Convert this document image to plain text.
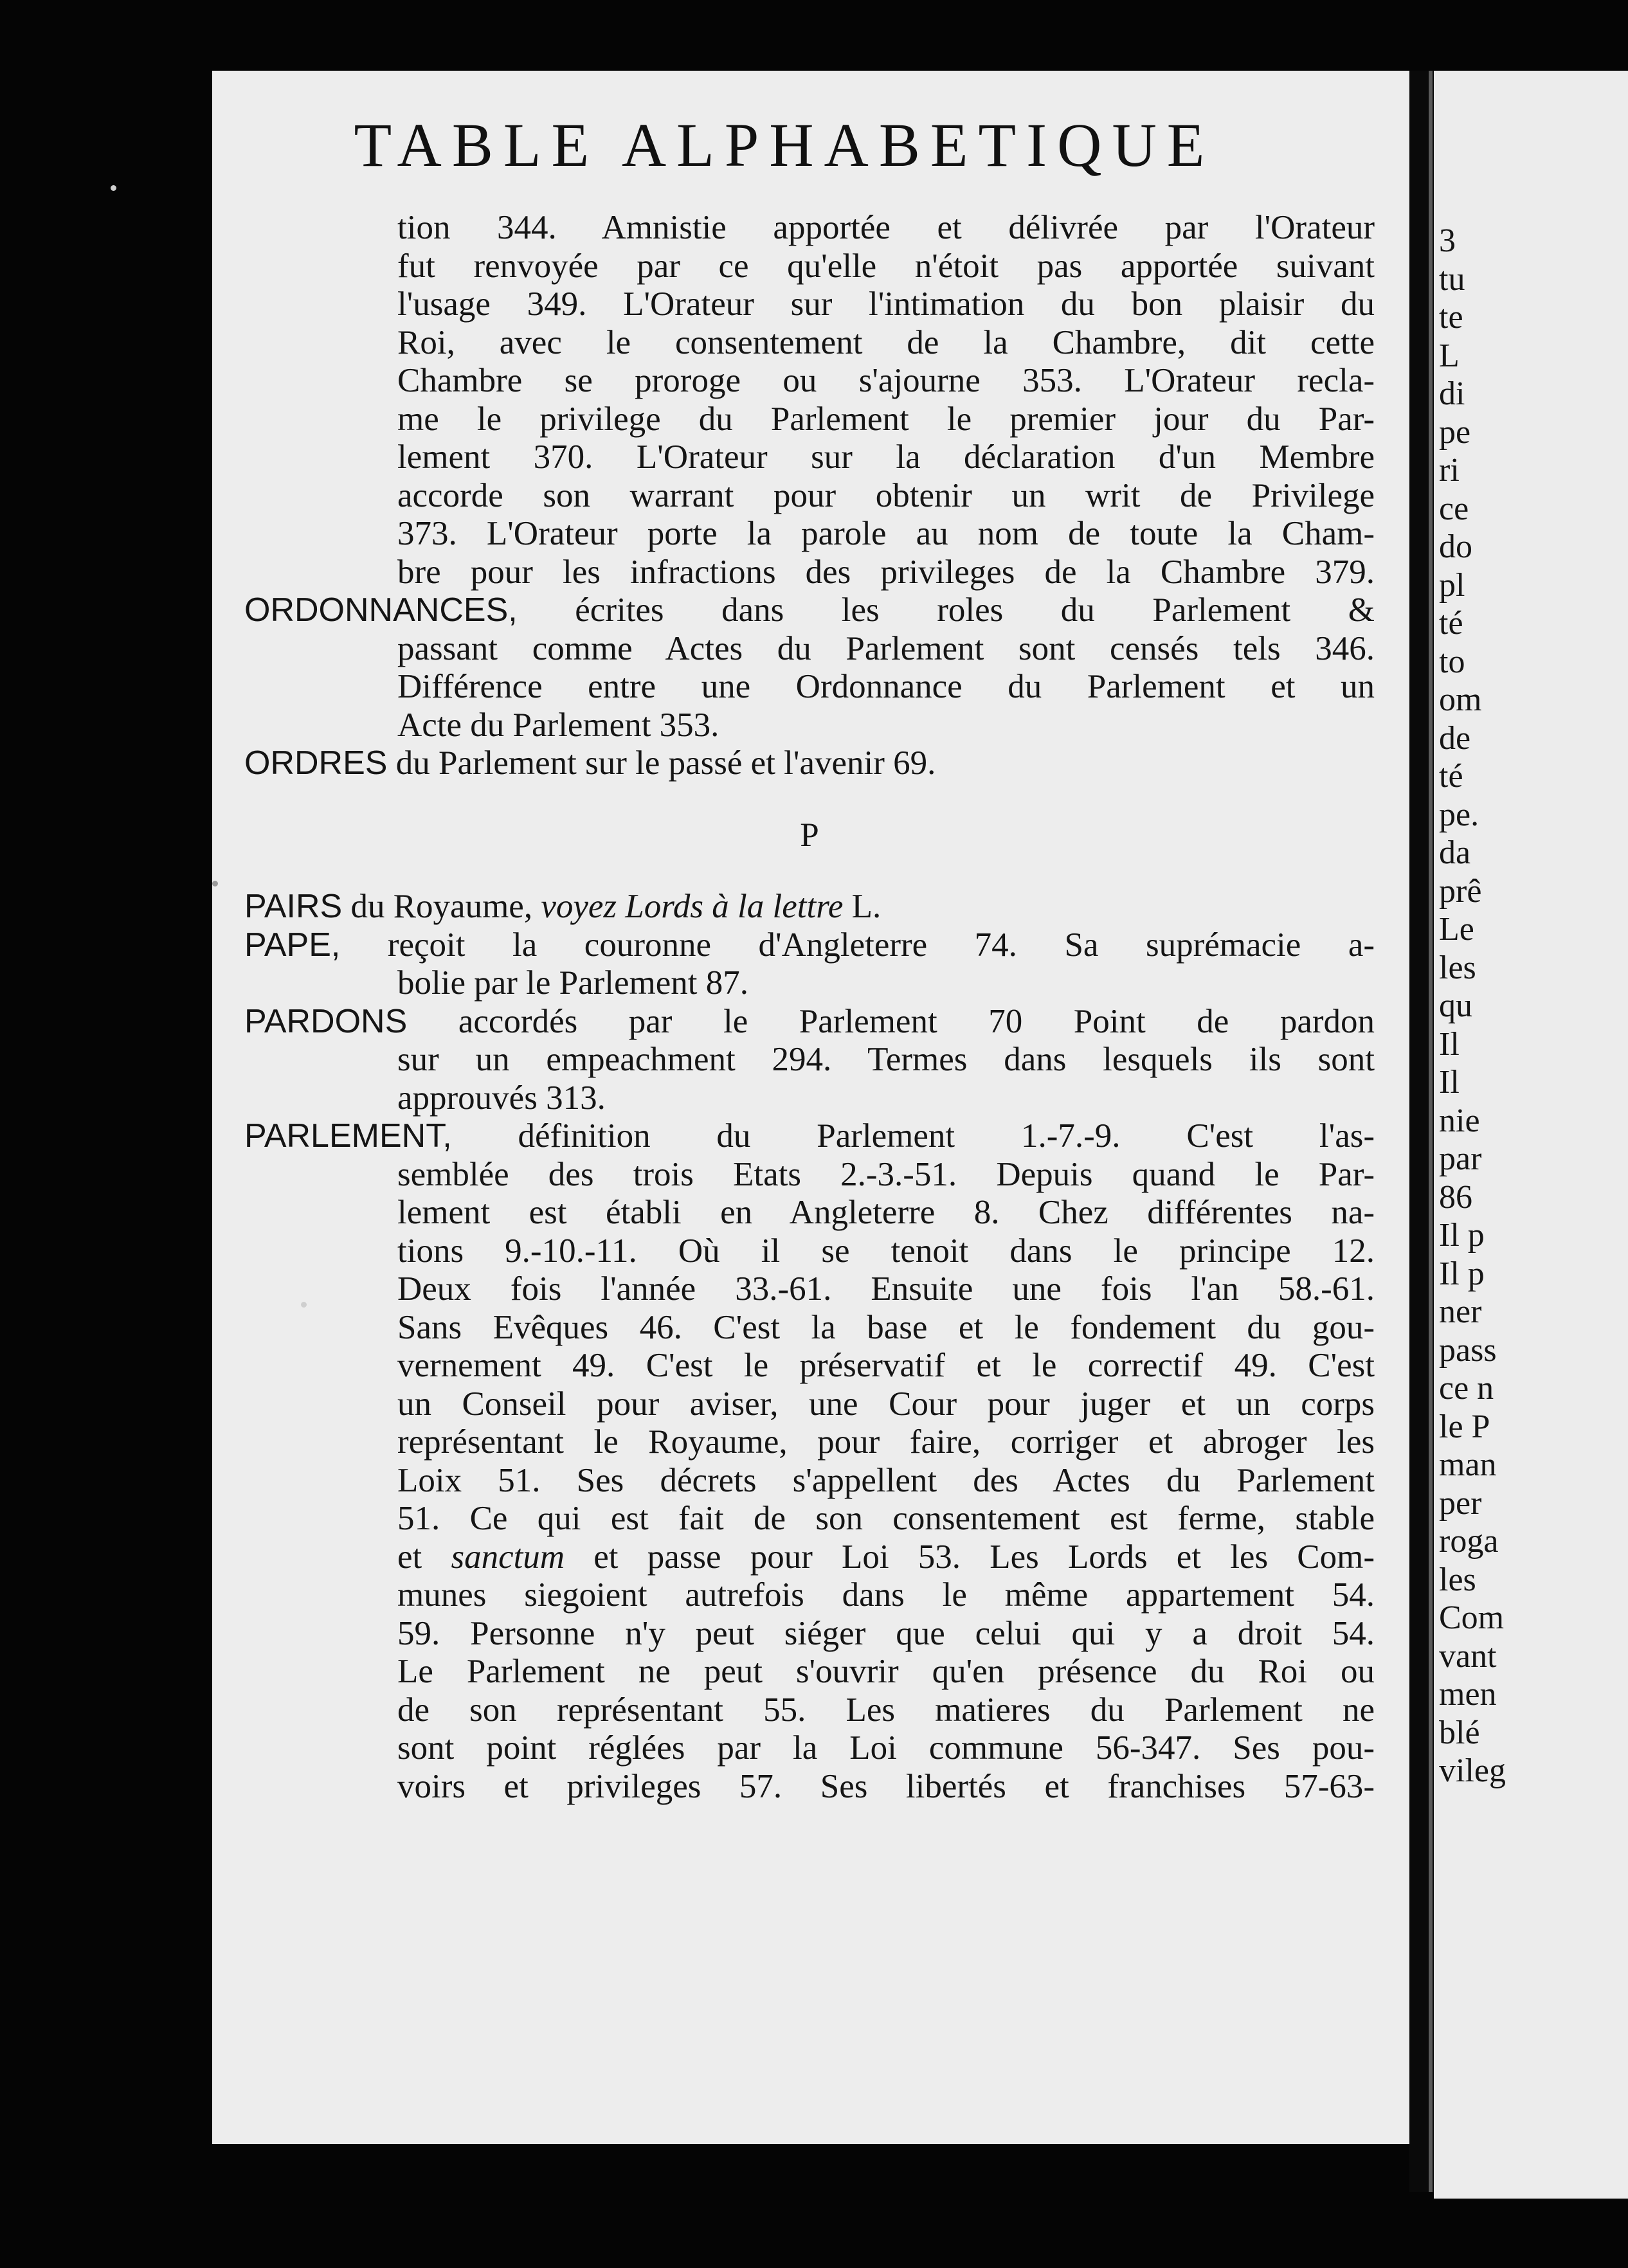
TABLE ALPHABETIQUE
tion 344. Amnistie apportée et délivrée par l'Orateur
fut renvoyée par ce qu'elle n'étoit pas apportée suivant
l'usage 349. L'Orateur sur l'intimation du bon plaisir du
Roi, avec le consentement de la Chambre, dit cette
Chambre se proroge ou s'ajourne 353. L'Orateur recla-
me le privilege du Parlement le premier jour du Par-
lement 370. L'Orateur sur la déclaration d'un Membre
accorde son warrant pour obtenir un writ de Privilege
373. L'Orateur porte la parole au nom de toute la Cham-
bre pour les infractions des privileges de la Chambre 379.
ORDONNANCES, écrites dans les roles du Parlement &
passant comme Actes du Parlement sont censés tels 346.
Différence entre une Ordonnance du Parlement et un
Acte du Parlement 353.
ORDRES du Parlement sur le passé et l'avenir 69.
P
PAIRS du Royaume, voyez Lords à la lettre L.
PAPE, reçoit la couronne d'Angleterre 74. Sa suprémacie a-
bolie par le Parlement 87.
PARDONS accordés par le Parlement 70 Point de pardon
sur un empeachment 294. Termes dans lesquels ils sont
approuvés 313.
PARLEMENT, définition du Parlement 1.-7.-9. C'est l'as-
semblée des trois Etats 2.-3.-51. Depuis quand le Par-
lement est établi en Angleterre 8. Chez différentes na-
tions 9.-10.-11. Où il se tenoit dans le principe 12.
Deux fois l'année 33.-61. Ensuite une fois l'an 58.-61.
Sans Evêques 46. C'est la base et le fondement du gou-
vernement 49. C'est le préservatif et le correctif 49. C'est
un Conseil pour aviser, une Cour pour juger et un corps
représentant le Royaume, pour faire, corriger et abroger les
Loix 51. Ses décrets s'appellent des Actes du Parlement
51. Ce qui est fait de son consentement est ferme, stable
et sanctum et passe pour Loi 53. Les Lords et les Com-
munes siegoient autrefois dans le même appartement 54.
59. Personne n'y peut siéger que celui qui y a droit 54.
Le Parlement ne peut s'ouvrir qu'en présence du Roi ou
de son représentant 55. Les matieres du Parlement ne
sont point réglées par la Loi commune 56-347. Ses pou-
voirs et privileges 57. Ses libertés et franchises 57-63-
3
tu
te
L
di
pe
ri
ce
do
pl
té
to
om
de
té
pe.
da
prê
Le
les
qu
Il
Il
nie
par
86
Il p
Il p
ner
pass
ce n
le P
man
per
roga
les
Com
vant
men
blé
vileg
